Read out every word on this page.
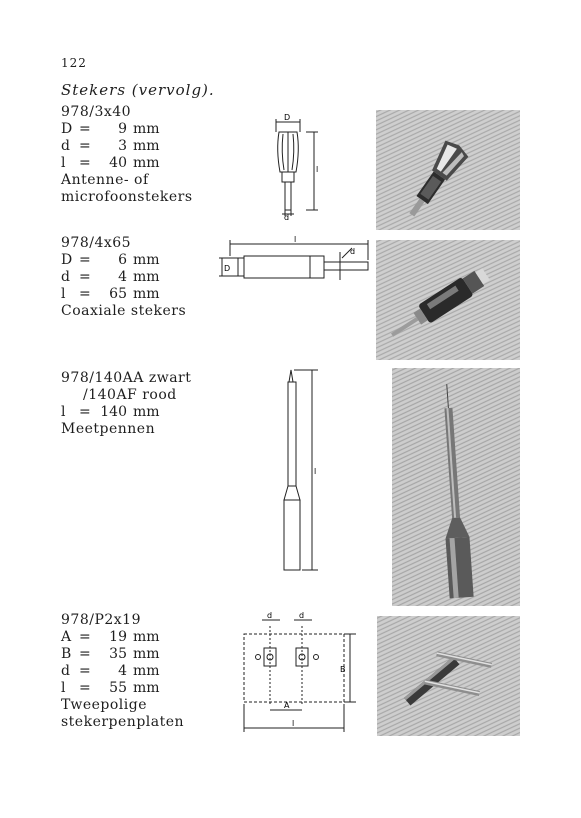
122
Stekers (vervolg).
978/3x40
D =	9 mm
d =	3 mm
l =	40 mm
Antenne- of
microfoonstekers
D
d
l
978/4x65
D =	6 mm
d =	4 mm
l =	65 mm
Coaxiale stekers
l
D
d
978/140AA zwart
/140AF rood
l = 140 mm
Meetpennen
l
978/P2x19
A =	19 mm
B =	35 mm
d =	4 mm
l =	55 mm
Tweepolige
stekerpenplaten
d	d
A
B
l
